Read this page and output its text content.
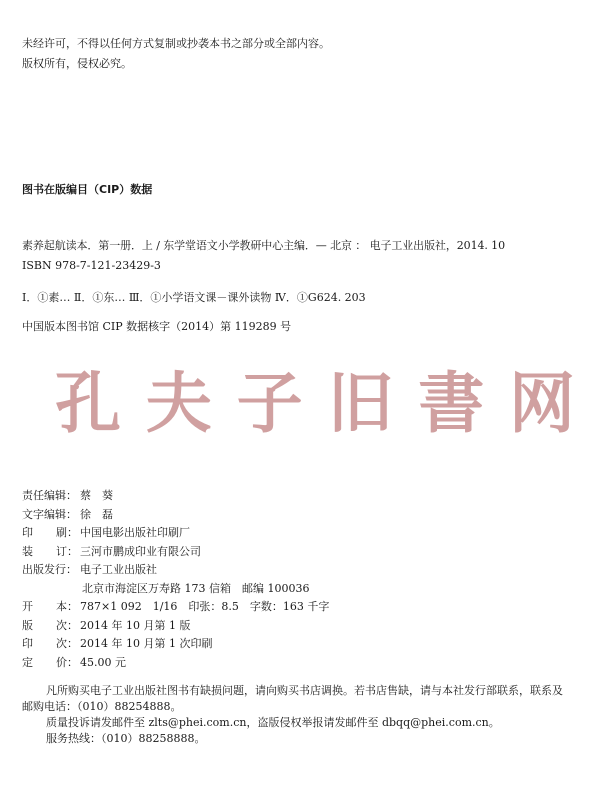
未经许可，不得以任何方式复制或抄袭本书之部分或全部内容。
版权所有，侵权必究。
图书在版编目（CIP）数据
素养起航读本．第一册．上 / 东学堂语文小学教研中心主编．— 北京 ： 电子工业出版社，2014. 10
ISBN 978-7-121-23429-3
Ⅰ．①素… Ⅱ．①东… Ⅲ．①小学语文课－课外读物 Ⅳ．①G624. 203
中国版本图书馆 CIP 数据核字（2014）第 119289 号
孔 夫 子 旧 書 网
责任编辑： 蔡　葵
文字编辑： 徐　磊
印 刷： 中国电影出版社印刷厂
装 订： 三河市鹏成印业有限公司
出版发行： 电子工业出版社
北京市海淀区万寿路 173 信箱　邮编 100036
开 本： 787×1 092　1/16　印张：8.5　字数：163 千字
版 次： 2014 年 10 月第 1 版
印 次： 2014 年 10 月第 1 次印刷
定 价： 45.00 元

凡所购买电子工业出版社图书有缺损问题，请向购买书店调换。若书店售缺，请与本社发行部联系，联系及

邮购电话：（010）88254888。

质量投诉请发邮件至 zlts@phei.com.cn，盗版侵权举报请发邮件至 dbqq@phei.com.cn。

服务热线：（010）88258888。
